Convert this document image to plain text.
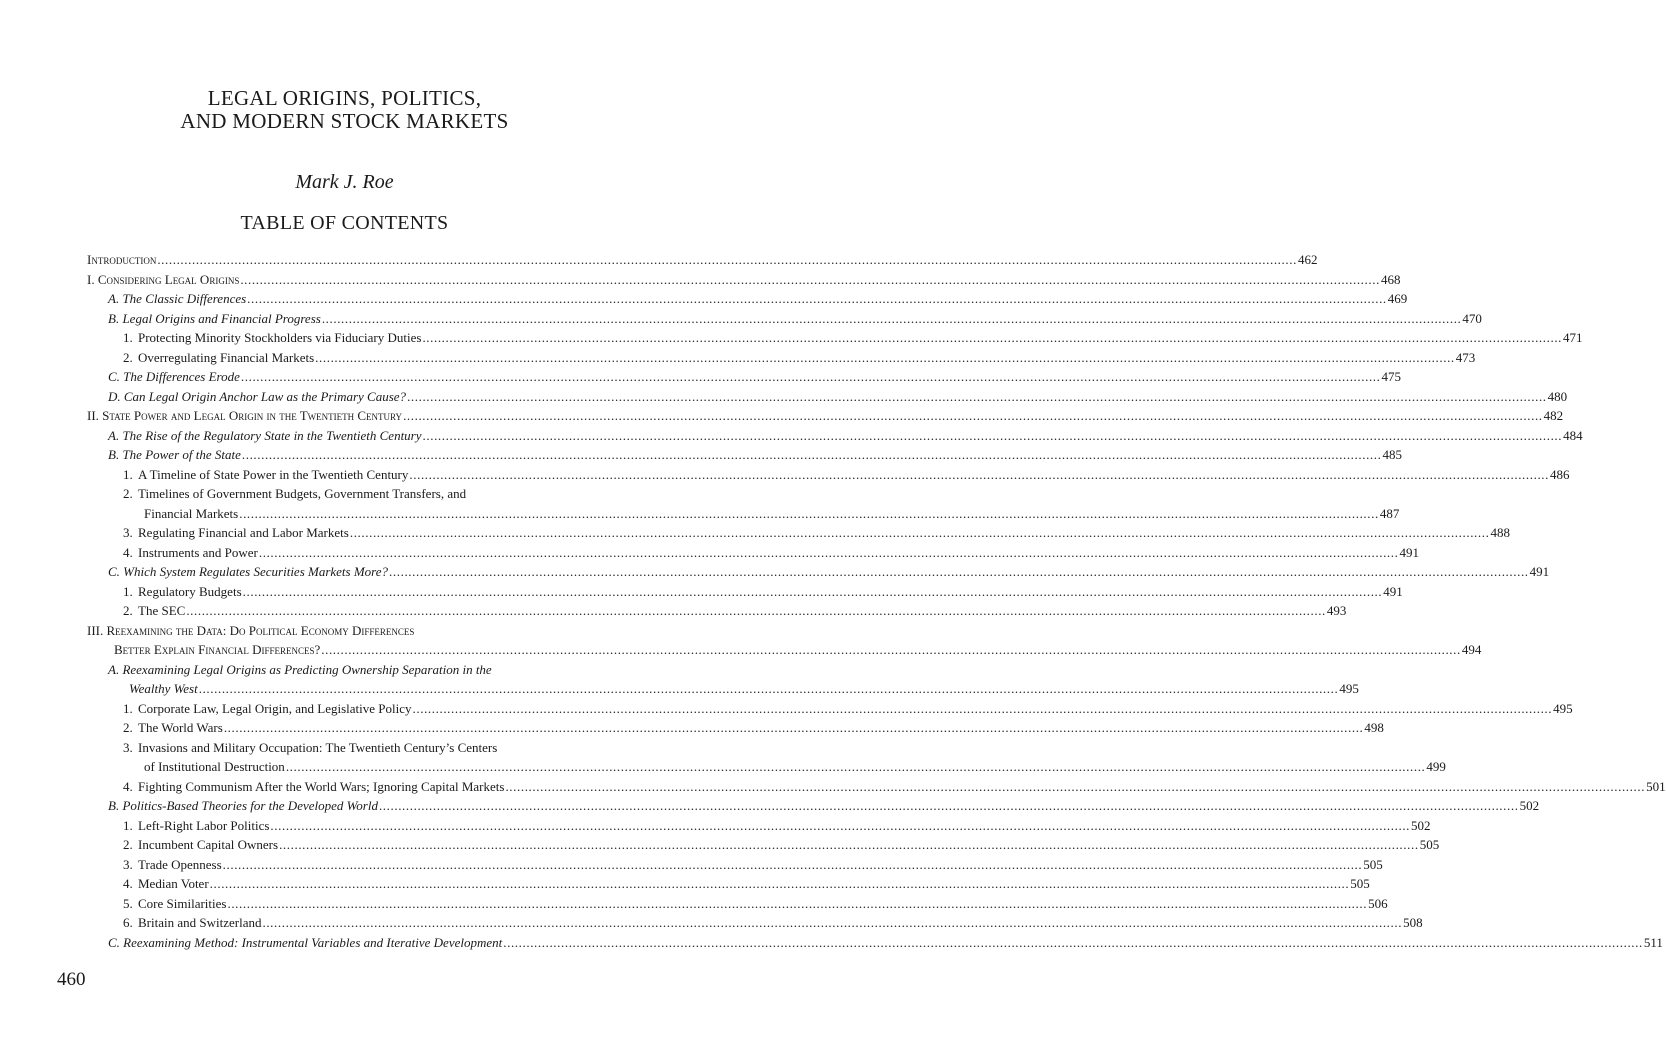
LEGAL ORIGINS, POLITICS,
AND MODERN STOCK MARKETS
Mark J. Roe
TABLE OF CONTENTS
Introduction .....	462
I. Considering Legal Origins .....	468
A. The Classic Differences .....	469
B. Legal Origins and Financial Progress .....	470
1. Protecting Minority Stockholders via Fiduciary Duties .....	471
2. Overregulating Financial Markets .....	473
C. The Differences Erode .....	475
D. Can Legal Origin Anchor Law as the Primary Cause? .....	480
II. State Power and Legal Origin in the Twentieth Century .....	482
A. The Rise of the Regulatory State in the Twentieth Century .....	484
B. The Power of the State .....	485
1. A Timeline of State Power in the Twentieth Century .....	486
2. Timelines of Government Budgets, Government Transfers, and
Financial Markets .....	487
3. Regulating Financial and Labor Markets .....	488
4. Instruments and Power .....	491
C. Which System Regulates Securities Markets More? .....	491
1. Regulatory Budgets .....	491
2. The SEC .....	493
III. Reexamining the Data: Do Political Economy Differences
Better Explain Financial Differences? .....	494
A. Reexamining Legal Origins as Predicting Ownership Separation in the
Wealthy West .....	495
1. Corporate Law, Legal Origin, and Legislative Policy .....	495
2. The World Wars .....	498
3. Invasions and Military Occupation: The Twentieth Century’s Centers
of Institutional Destruction .....	499
4. Fighting Communism After the World Wars; Ignoring Capital Markets .....	501
B. Politics-Based Theories for the Developed World .....	502
1. Left-Right Labor Politics .....	502
2. Incumbent Capital Owners .....	505
3. Trade Openness .....	505
4. Median Voter .....	505
5. Core Similarities .....	506
6. Britain and Switzerland .....	508
C. Reexamining Method: Instrumental Variables and Iterative Development .....	511
460
